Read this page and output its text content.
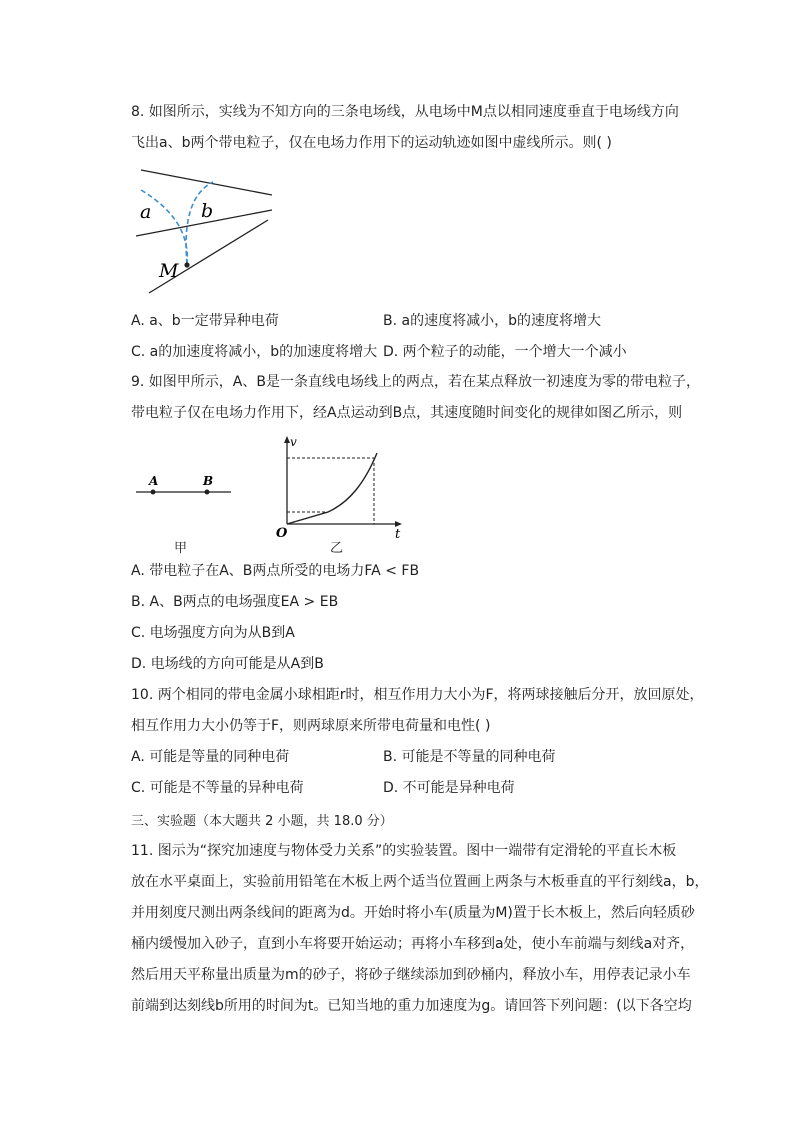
8. 如图所示，实线为不知方向的三条电场线，从电场中M点以相同速度垂直于电场线方向
飞出a、b两个带电粒子，仅在电场力作用下的运动轨迹如图中虚线所示。则( )
a	b
M
A. a、b一定带异种电荷	B. a的速度将减小，b的速度将增大
C. a的加速度将减小，b的加速度将增大 D. 两个粒子的动能，一个增大一个减小
9. 如图甲所示，A、B是一条直线电场线上的两点，若在某点释放一初速度为零的带电粒子，
带电粒子仅在电场力作用下，经A点运动到B点，其速度随时间变化的规律如图乙所示，则
A	B
甲
v
t
O
乙
A. 带电粒子在A、B两点所受的电场力FA < FB
B. A、B两点的电场强度EA > EB
C. 电场强度方向为从B到A
D. 电场线的方向可能是从A到B
10. 两个相同的带电金属小球相距r时，相互作用力大小为F，将两球接触后分开，放回原处，
相互作用力大小仍等于F，则两球原来所带电荷量和电性( )
A. 可能是等量的同种电荷	B. 可能是不等量的同种电荷
C. 可能是不等量的异种电荷	D. 不可能是异种电荷
三、实验题（本大题共 2 小题，共 18.0 分）
11. 图示为“探究加速度与物体受力关系”的实验装置。图中一端带有定滑轮的平直长木板
放在水平桌面上，实验前用铅笔在木板上两个适当位置画上两条与木板垂直的平行刻线a，b，
并用刻度尺测出两条线间的距离为d。开始时将小车(质量为M)置于长木板上，然后向轻质砂
桶内缓慢加入砂子，直到小车将要开始运动；再将小车移到a处，使小车前端与刻线a对齐，
然后用天平称量出质量为m的砂子，将砂子继续添加到砂桶内，释放小车，用停表记录小车
前端到达刻线b所用的时间为t。已知当地的重力加速度为g。请回答下列问题：(以下各空均
